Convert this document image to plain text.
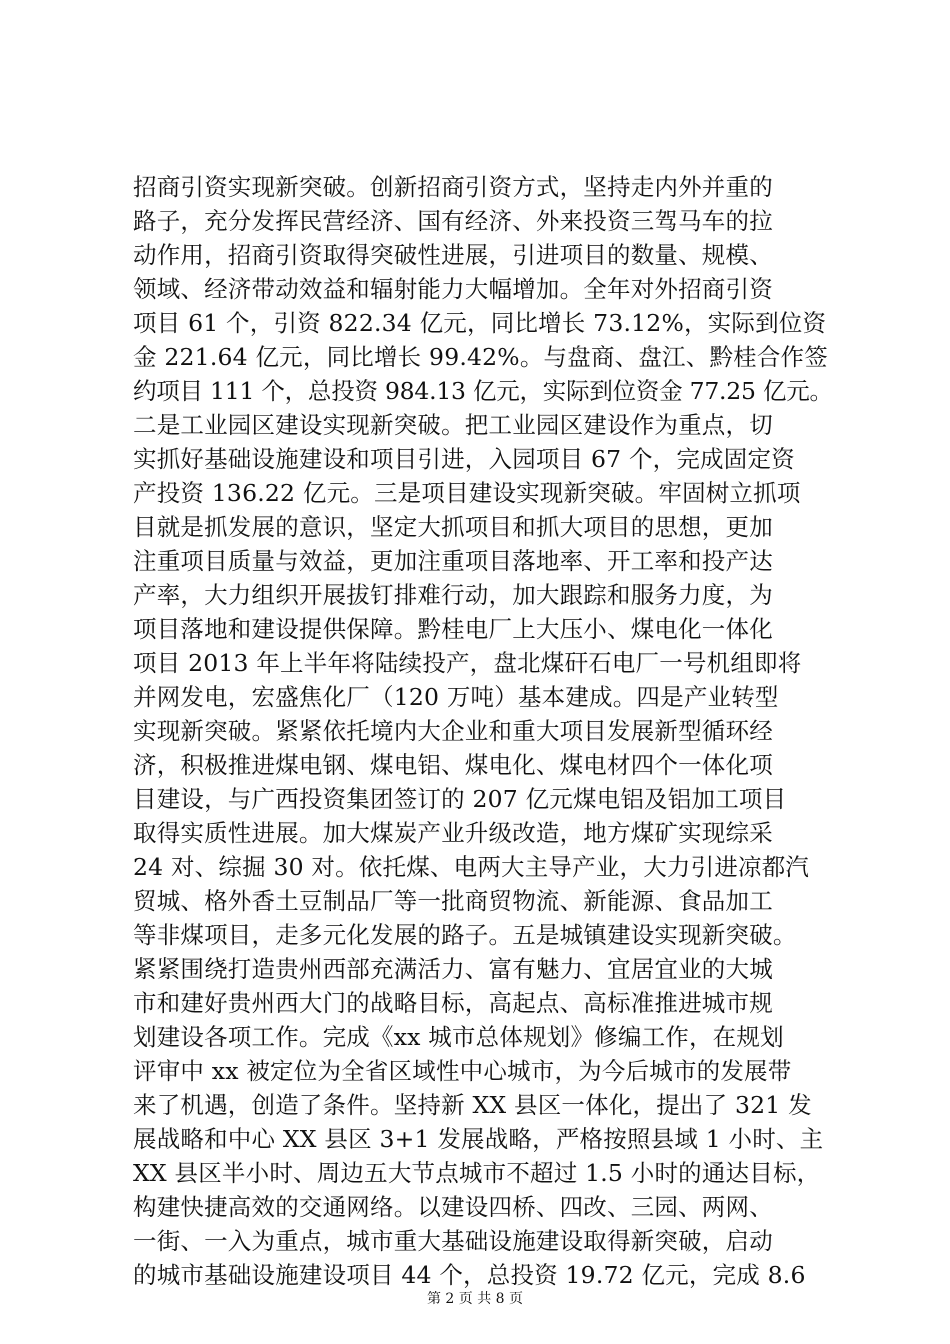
招商引资实现新突破。创新招商引资方式，坚持走内外并重的
路子，充分发挥民营经济、国有经济、外来投资三驾马车的拉
动作用，招商引资取得突破性进展，引进项目的数量、规模、
领域、经济带动效益和辐射能力大幅增加。全年对外招商引资
项目 61 个，引资 822.34 亿元，同比增长 73.12%，实际到位资
金 221.64 亿元，同比增长 99.42%。与盘商、盘江、黔桂合作签
约项目 111 个，总投资 984.13 亿元，实际到位资金 77.25 亿元。
二是工业园区建设实现新突破。把工业园区建设作为重点，切
实抓好基础设施建设和项目引进，入园项目 67 个，完成固定资
产投资 136.22 亿元。三是项目建设实现新突破。牢固树立抓项
目就是抓发展的意识，坚定大抓项目和抓大项目的思想，更加
注重项目质量与效益，更加注重项目落地率、开工率和投产达
产率，大力组织开展拔钉排难行动，加大跟踪和服务力度，为
项目落地和建设提供保障。黔桂电厂上大压小、煤电化一体化
项目 2013 年上半年将陆续投产，盘北煤矸石电厂一号机组即将
并网发电，宏盛焦化厂（120 万吨）基本建成。四是产业转型
实现新突破。紧紧依托境内大企业和重大项目发展新型循环经
济，积极推进煤电钢、煤电铝、煤电化、煤电材四个一体化项
目建设，与广西投资集团签订的 207 亿元煤电铝及铝加工项目
取得实质性进展。加大煤炭产业升级改造，地方煤矿实现综采
24 对、综掘 30 对。依托煤、电两大主导产业，大力引进凉都汽
贸城、格外香土豆制品厂等一批商贸物流、新能源、食品加工
等非煤项目，走多元化发展的路子。五是城镇建设实现新突破。
紧紧围绕打造贵州西部充满活力、富有魅力、宜居宜业的大城
市和建好贵州西大门的战略目标，高起点、高标准推进城市规
划建设各项工作。完成《xx 城市总体规划》修编工作，在规划
评审中 xx 被定位为全省区域性中心城市，为今后城市的发展带
来了机遇，创造了条件。坚持新 XX 县区一体化，提出了 321 发
展战略和中心 XX 县区 3+1 发展战略，严格按照县域 1 小时、主
XX 县区半小时、周边五大节点城市不超过 1.5 小时的通达目标，
构建快捷高效的交通网络。以建设四桥、四改、三园、两网、
一街、一入为重点，城市重大基础设施建设取得新突破，启动
的城市基础设施建设项目 44 个，总投资 19.72 亿元，完成 8.6
第 2 页 共 8 页
